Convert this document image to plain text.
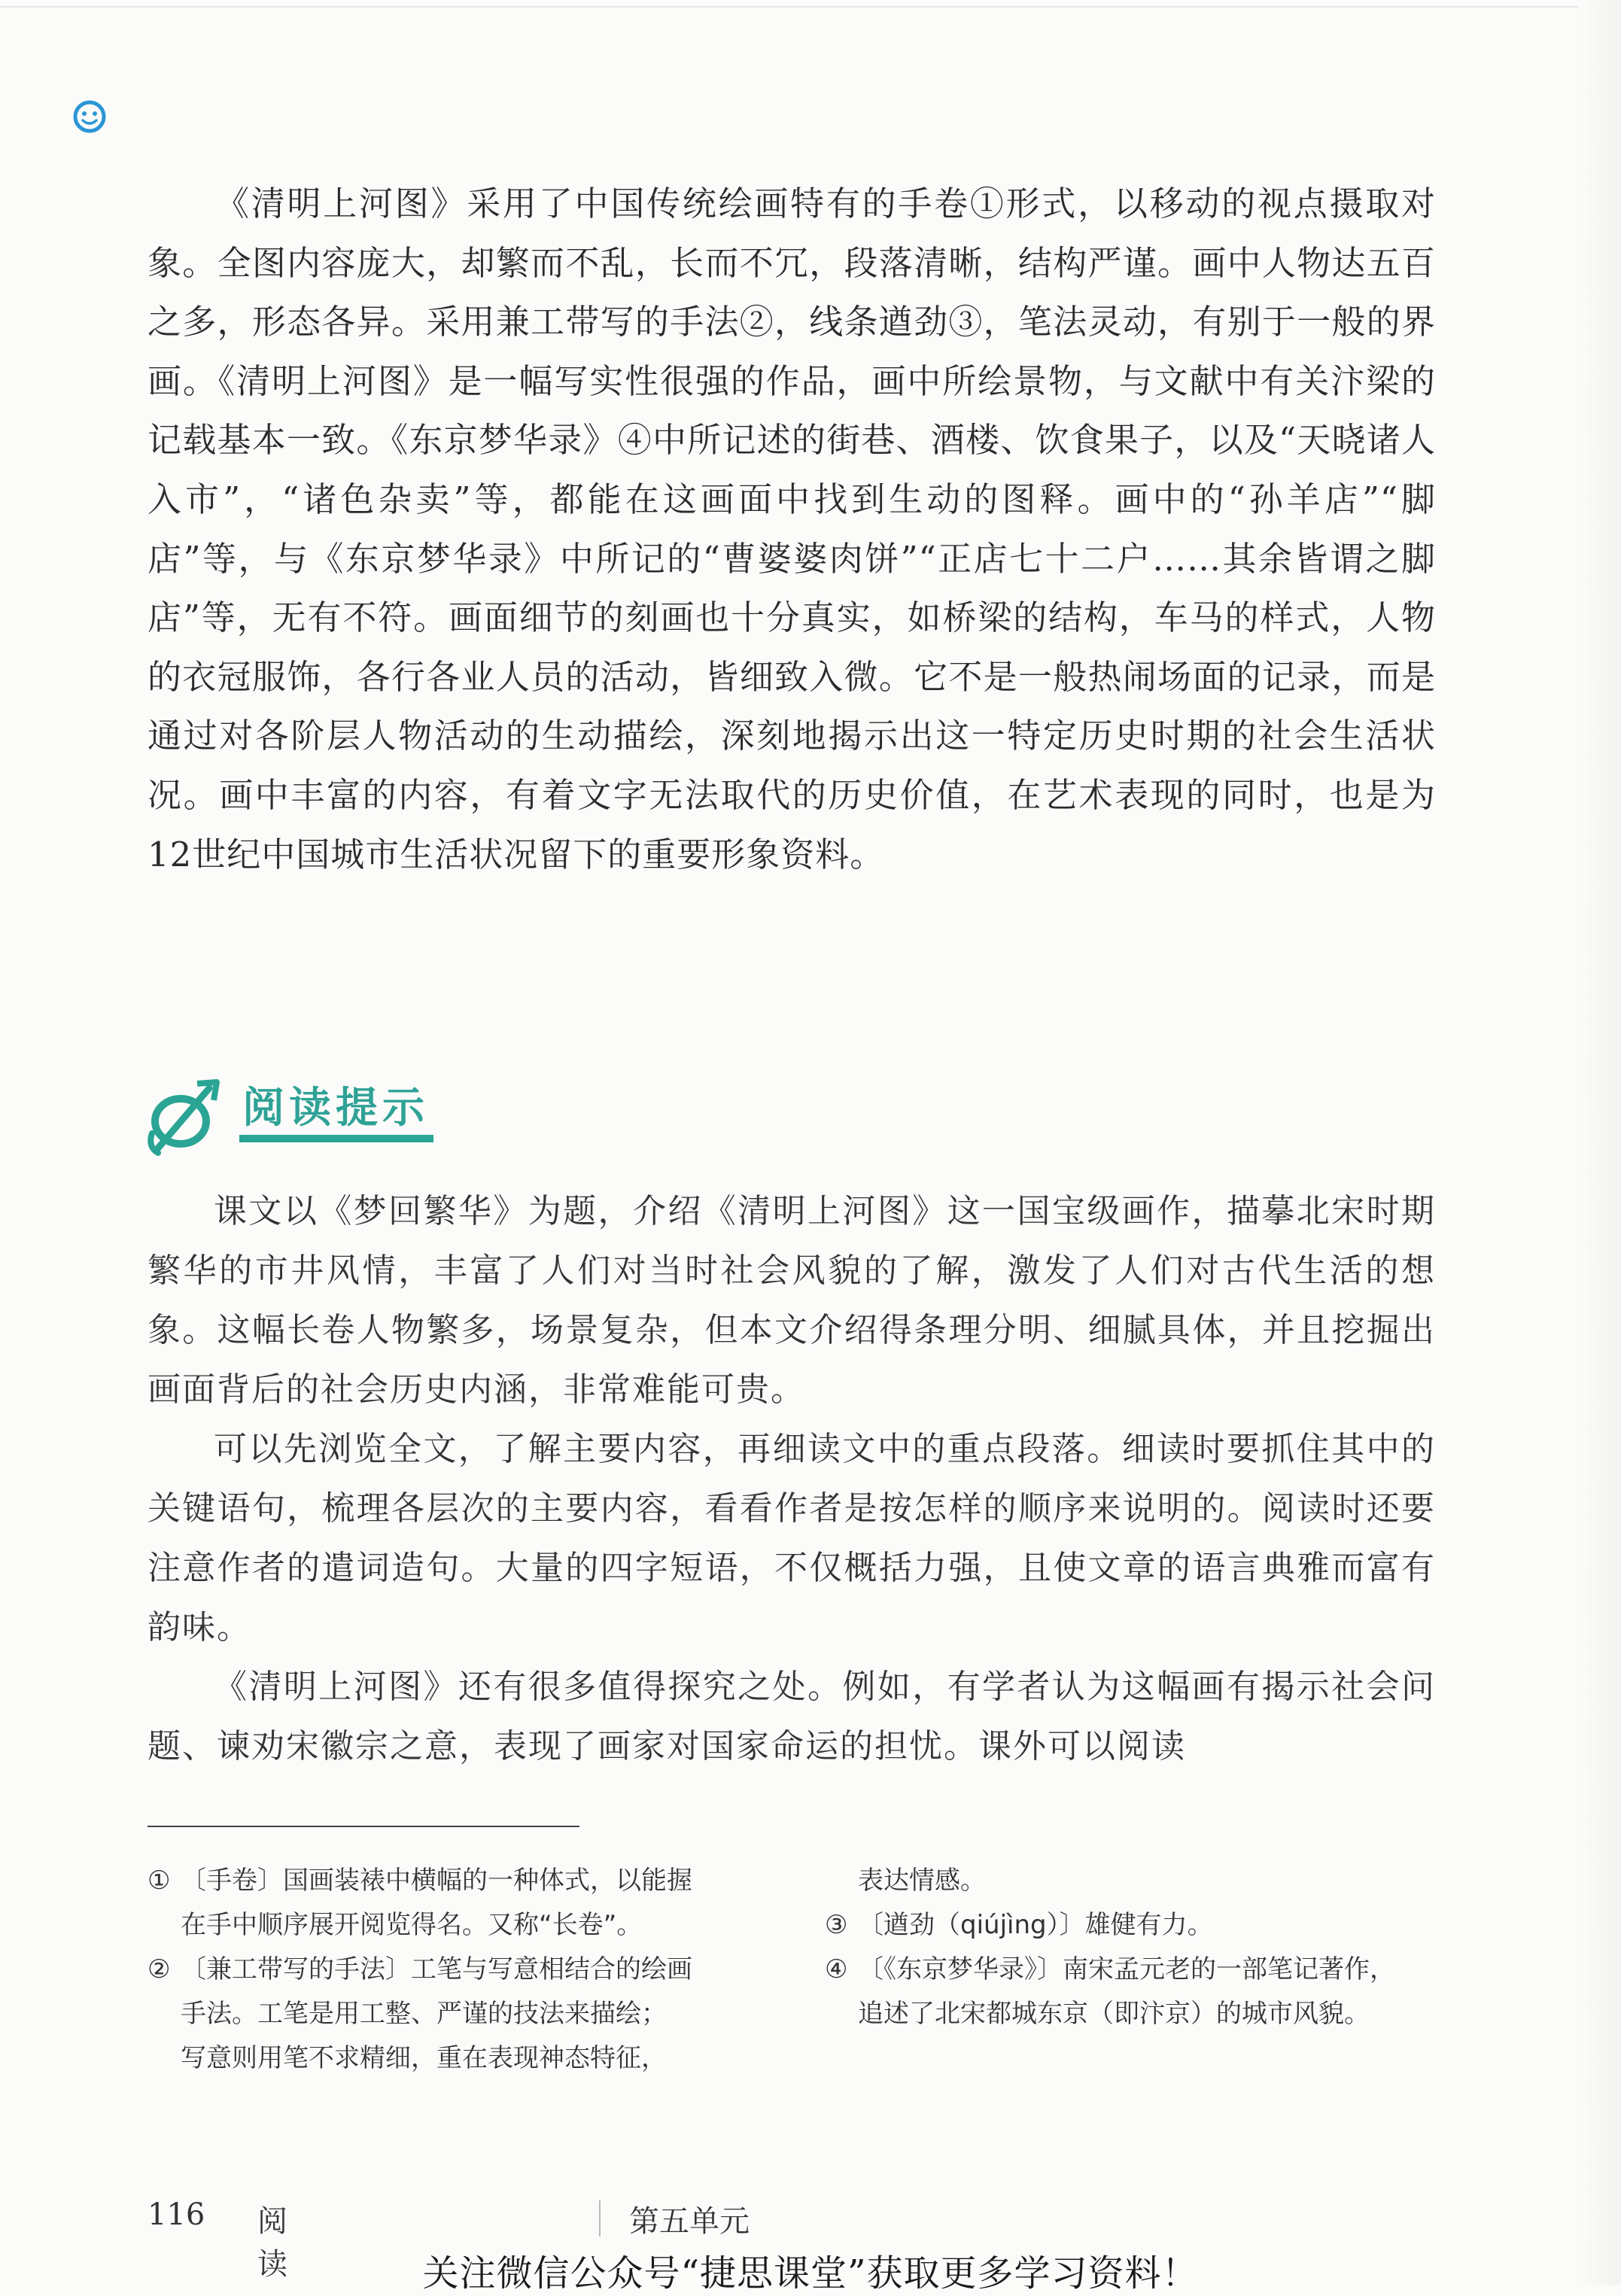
《清明上河图》采用了中国传统绘画特有的手卷①形式，以移动的视点摄取对象。全图内容庞大，却繁而不乱，长而不冗，段落清晰，结构严谨。画中人物达五百之多，形态各异。采用兼工带写的手法②，线条遒劲③，笔法灵动，有别于一般的界画。《清明上河图》是一幅写实性很强的作品，画中所绘景物，与文献中有关汴梁的记载基本一致。《东京梦华录》④中所记述的街巷、酒楼、饮食果子，以及“天晓诸人入市”，“诸色杂卖”等，都能在这画面中找到生动的图释。画中的“孙羊店”“脚店”等，与《东京梦华录》中所记的“曹婆婆肉饼”“正店七十二户……其余皆谓之脚店”等，无有不符。画面细节的刻画也十分真实，如桥梁的结构，车马的样式，人物的衣冠服饰，各行各业人员的活动，皆细致入微。它不是一般热闹场面的记录，而是通过对各阶层人物活动的生动描绘，深刻地揭示出这一特定历史时期的社会生活状况。画中丰富的内容，有着文字无法取代的历史价值，在艺术表现的同时，也是为12世纪中国城市生活状况留下的重要形象资料。

阅读提示

课文以《梦回繁华》为题，介绍《清明上河图》这一国宝级画作，描摹北宋时期繁华的市井风情，丰富了人们对当时社会风貌的了解，激发了人们对古代生活的想象。这幅长卷人物繁多，场景复杂，但本文介绍得条理分明、细腻具体，并且挖掘出画面背后的社会历史内涵，非常难能可贵。

可以先浏览全文，了解主要内容，再细读文中的重点段落。细读时要抓住其中的关键语句，梳理各层次的主要内容，看看作者是按怎样的顺序来说明的。阅读时还要注意作者的遣词造句。大量的四字短语，不仅概括力强，且使文章的语言典雅而富有韵味。

《清明上河图》还有很多值得探究之处。例如，有学者认为这幅画有揭示社会问题、谏劝宋徽宗之意，表现了画家对国家命运的担忧。课外可以阅读

① 〔手卷〕国画装裱中横幅的一种体式，以能握
在手中顺序展开阅览得名。又称“长卷”。
② 〔兼工带写的手法〕工笔与写意相结合的绘画
手法。工笔是用工整、严谨的技法来描绘；
写意则用笔不求精细，重在表现神态特征，
表达情感。
③ 〔遒劲（qiújìng）〕雄健有力。
④ 〔《东京梦华录》〕南宋孟元老的一部笔记著作，
追述了北宋都城东京（即汴京）的城市风貌。
116 阅读
第五单元
关注微信公众号“捷思课堂”获取更多学习资料！
